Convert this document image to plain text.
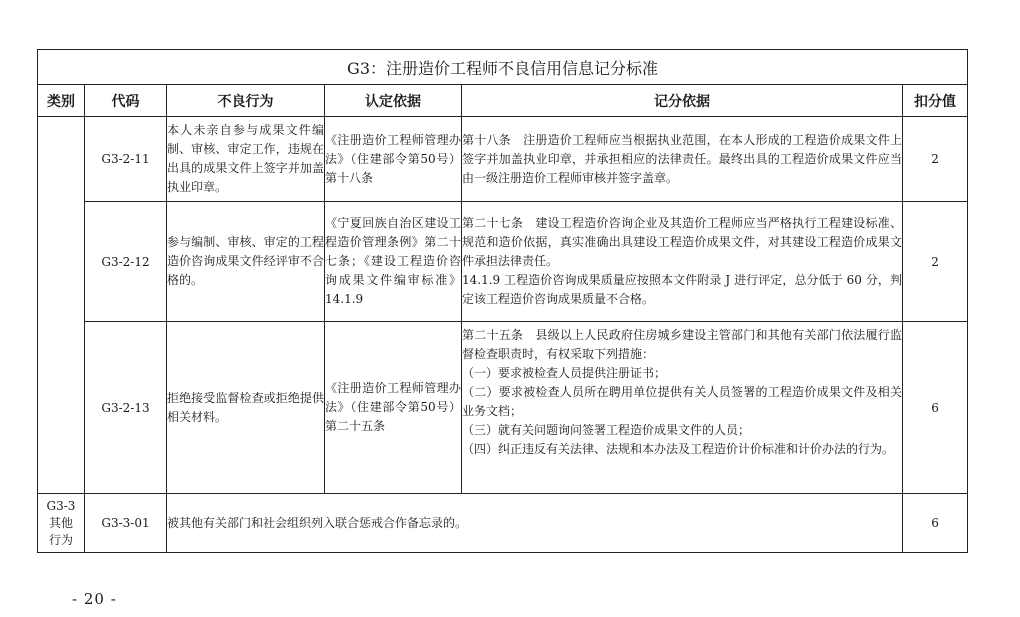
G3：注册造价工程师不良信用信息记分标准					
类别	代码	不良行为	认定依据	记分依据	扣分值
	G3-2-11	本人未亲自参与成果文件编制、审核、审定工作，违规在出具的成果文件上签字并加盖执业印章。	《注册造价工程师管理办法》（住建部令第50号）第十八条	第十八条　注册造价工程师应当根据执业范围，在本人形成的工程造价成果文件上签字并加盖执业印章，并承担相应的法律责任。最终出具的工程造价成果文件应当由一级注册造价工程师审核并签字盖章。	2
	G3-2-12	参与编制、审核、审定的工程造价咨询成果文件经评审不合格的。	《宁夏回族自治区建设工程造价管理条例》第二十七条；《建设工程造价咨询成果文件编审标准》14.1.9	第二十七条　建设工程造价咨询企业及其造价工程师应当严格执行工程建设标准、规范和造价依据，真实准确出具建设工程造价成果文件，对其建设工程造价成果文件承担法律责任。
14.1.9 工程造价咨询成果质量应按照本文件附录 J 进行评定，总分低于 60 分，判定该工程造价咨询成果质量不合格。	2
	G3-2-13	拒绝接受监督检查或拒绝提供相关材料。	《注册造价工程师管理办法》（住建部令第50号）第二十五条	第二十五条　县级以上人民政府住房城乡建设主管部门和其他有关部门依法履行监督检查职责时，有权采取下列措施：
（一）要求被检查人员提供注册证书；
（二）要求被检查人员所在聘用单位提供有关人员签署的工程造价成果文件及相关业务文档；
（三）就有关问题询问签署工程造价成果文件的人员；
（四）纠正违反有关法律、法规和本办法及工程造价计价标准和计价办法的行为。	6
G3-3 其他行为	G3-3-01	被其他有关部门和社会组织列入联合惩戒合作备忘录的。			6
- 20 -
